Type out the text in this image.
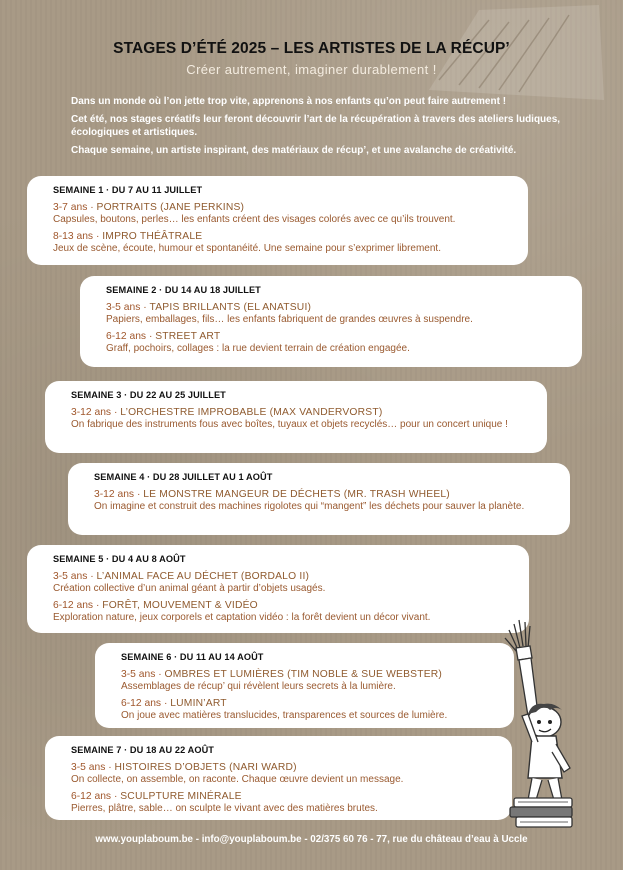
STAGES D’ÉTÉ 2025 – LES ARTISTES DE LA RÉCUP’
Créer autrement, imaginer durablement !
Dans un monde où l’on jette trop vite, apprenons à nos enfants qu’on peut faire autrement !
Cet été, nos stages créatifs leur feront découvrir l’art de la récupération à travers des ateliers ludiques, écologiques et artistiques.
Chaque semaine, un artiste inspirant, des matériaux de récup’, et une avalanche de créativité.
SEMAINE 1 · DU 7 AU 11 JUILLET
3-7 ans · PORTRAITS (JANE PERKINS)
Capsules, boutons, perles… les enfants créent des visages colorés avec ce qu’ils trouvent.
8-13 ans · IMPRO THÉÂTRALE
Jeux de scène, écoute, humour et spontanéité. Une semaine pour s’exprimer librement.
SEMAINE 2 · DU 14 AU 18 JUILLET
3-5 ans · TAPIS BRILLANTS (EL ANATSUI)
Papiers, emballages, fils… les enfants fabriquent de grandes œuvres à suspendre.
6-12 ans · STREET ART
Graff, pochoirs, collages : la rue devient terrain de création engagée.
SEMAINE 3 · DU 22 AU 25 JUILLET
3-12 ans · L’ORCHESTRE IMPROBABLE (MAX VANDERVORST)
On fabrique des instruments fous avec boîtes, tuyaux et objets recyclés… pour un concert unique !
SEMAINE 4 · DU 28 JUILLET AU 1 AOÛT
3-12 ans · LE MONSTRE MANGEUR DE DÉCHETS (MR. TRASH WHEEL)
On imagine et construit des machines rigolotes qui “mangent” les déchets pour sauver la planète.
SEMAINE 5 · DU 4 AU 8 AOÛT
3-5 ans · L’ANIMAL FACE AU DÉCHET (BORDALO II)
Création collective d’un animal géant à partir d’objets usagés.
6-12 ans · FORÊT, MOUVEMENT & VIDÉO
Exploration nature, jeux corporels et captation vidéo : la forêt devient un décor vivant.
SEMAINE 6 · DU 11 AU 14 AOÛT
3-5 ans · OMBRES ET LUMIÈRES (TIM NOBLE & SUE WEBSTER)
Assemblages de récup’ qui révèlent leurs secrets à la lumière.
6-12 ans · LUMIN’ART
On joue avec matières translucides, transparences et sources de lumière.
SEMAINE 7 · DU 18 AU 22 AOÛT
3-5 ans · HISTOIRES D’OBJETS (NARI WARD)
On collecte, on assemble, on raconte. Chaque œuvre devient un message.
6-12 ans · SCULPTURE MINÉRALE
Pierres, plâtre, sable… on sculpte le vivant avec des matières brutes.
www.youplaboum.be - info@youplaboum.be - 02/375 60 76 - 77, rue du château d’eau à Uccle
